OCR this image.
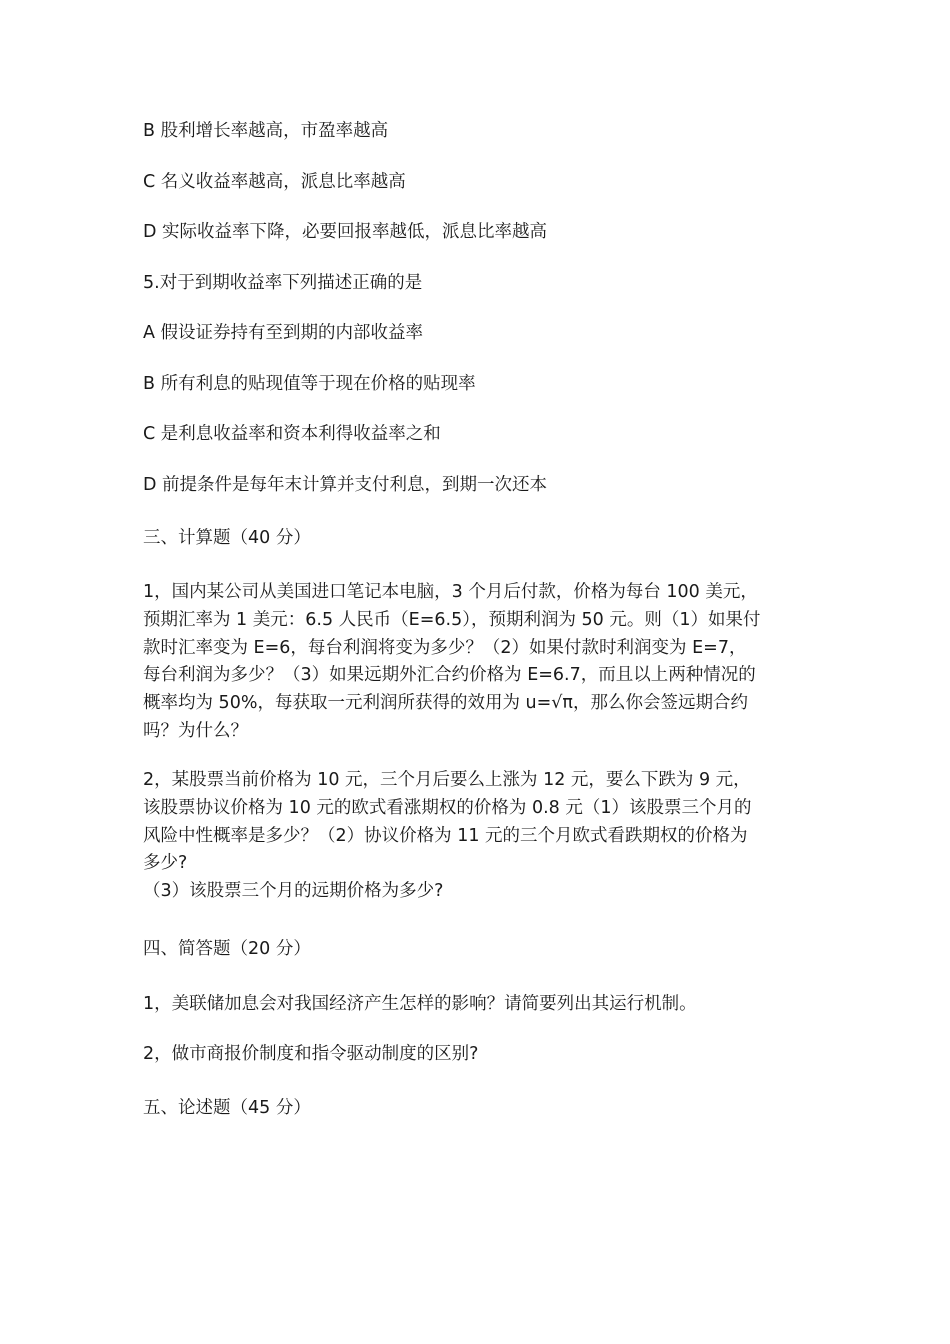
B 股利增长率越高，市盈率越高
C 名义收益率越高，派息比率越高
D 实际收益率下降，必要回报率越低，派息比率越高
5.对于到期收益率下列描述正确的是
A 假设证券持有至到期的内部收益率
B 所有利息的贴现值等于现在价格的贴现率
C 是利息收益率和资本利得收益率之和
D 前提条件是每年末计算并支付利息，到期一次还本
三、计算题（40 分）
1，国内某公司从美国进口笔记本电脑，3 个月后付款，价格为每台 100 美元，
预期汇率为 1 美元：6.5 人民币（E=6.5），预期利润为 50 元。则（1）如果付
款时汇率变为 E=6，每台利润将变为多少？（2）如果付款时利润变为 E=7，
每台利润为多少？（3）如果远期外汇合约价格为 E=6.7，而且以上两种情况的
概率均为 50%，每获取一元利润所获得的效用为 u=√π，那么你会签远期合约
吗？为什么？
2，某股票当前价格为 10 元，三个月后要么上涨为 12 元，要么下跌为 9 元，
该股票协议价格为 10 元的欧式看涨期权的价格为 0.8 元（1）该股票三个月的
风险中性概率是多少？（2）协议价格为 11 元的三个月欧式看跌期权的价格为
多少?
（3）该股票三个月的远期价格为多少?
四、简答题（20 分）
1，美联储加息会对我国经济产生怎样的影响？请简要列出其运行机制。
2，做市商报价制度和指令驱动制度的区别?
五、论述题（45 分）
